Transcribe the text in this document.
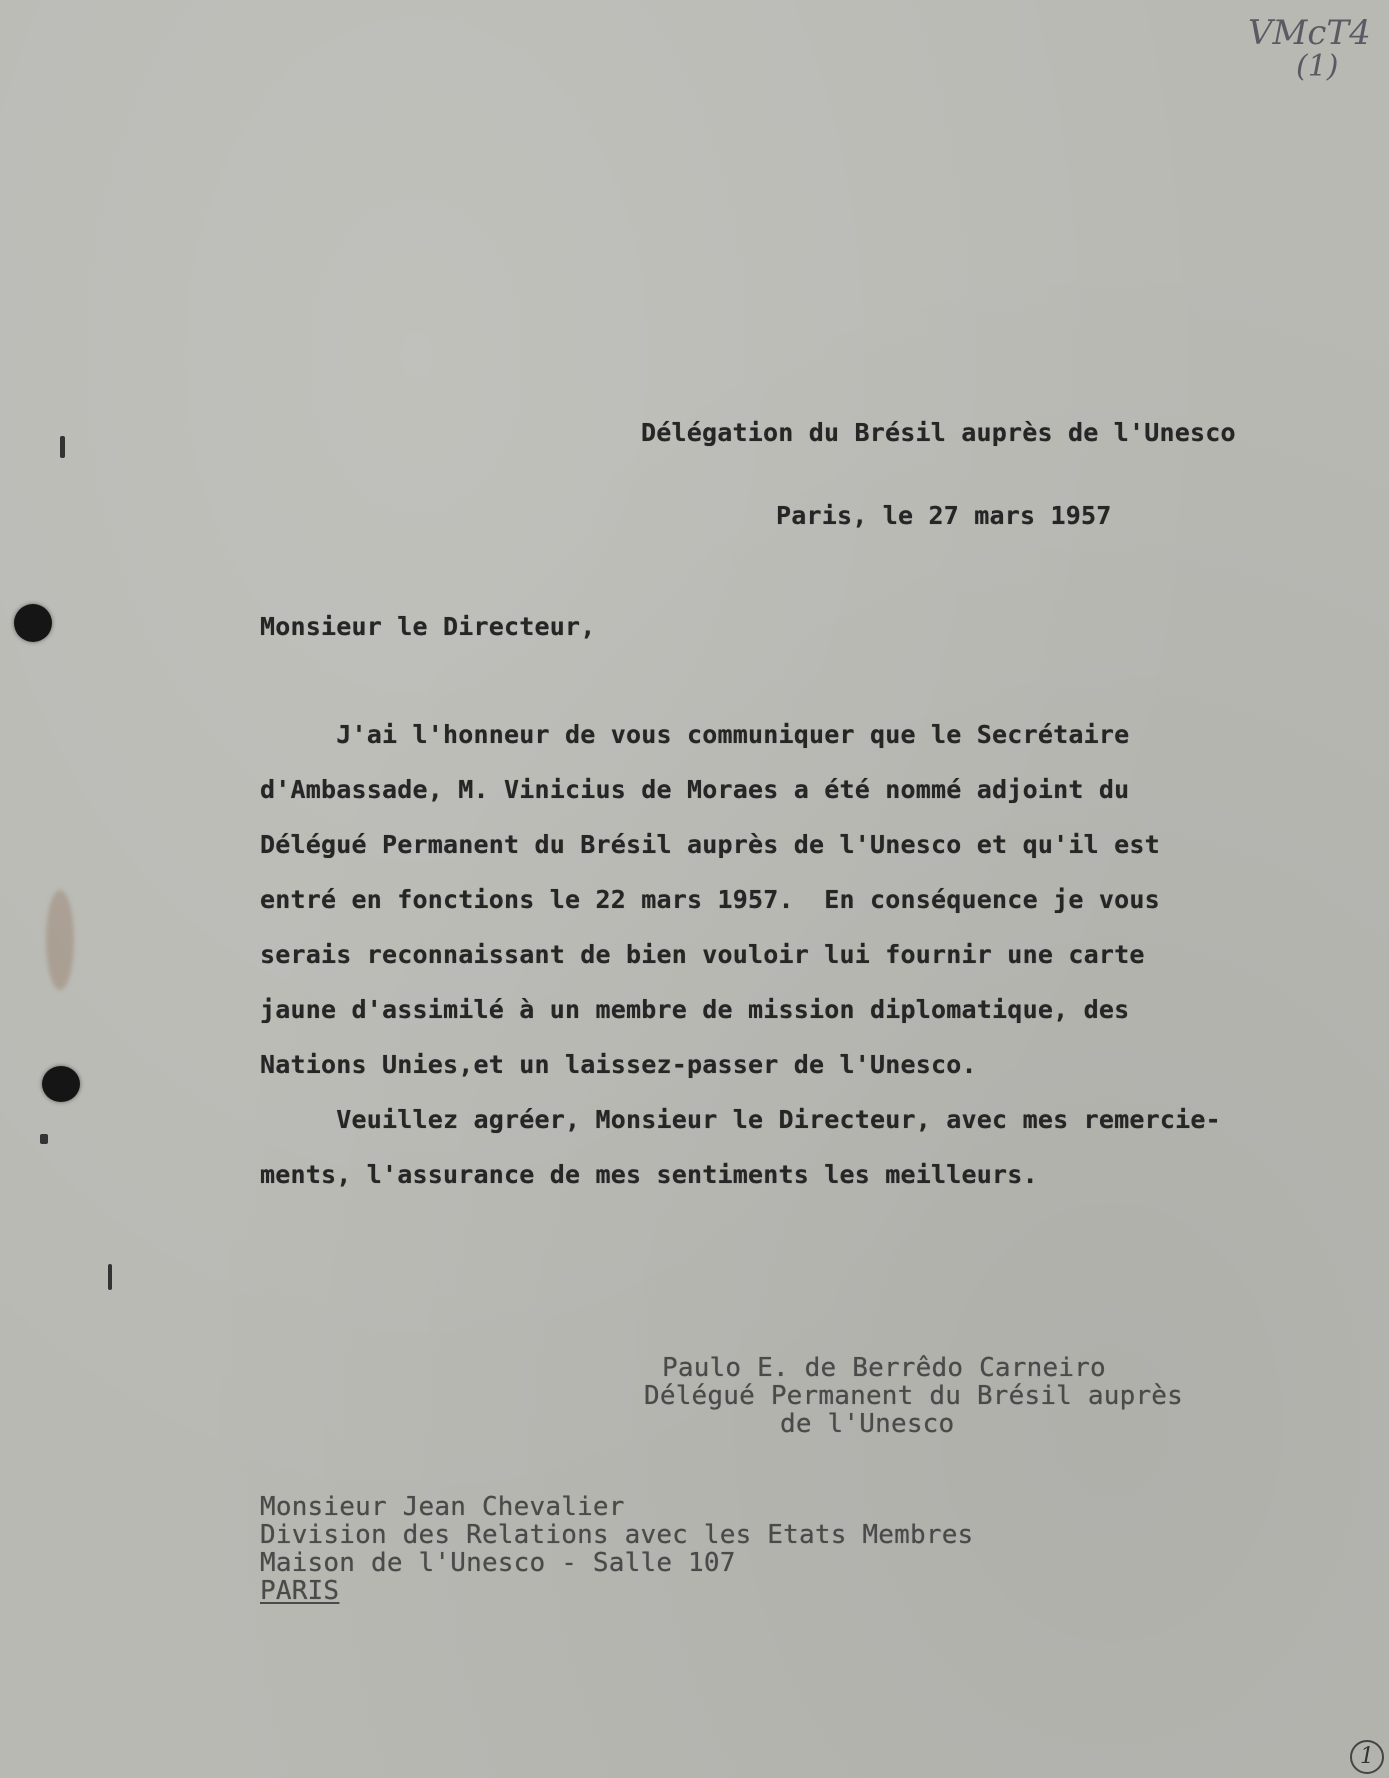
VMcT4
(1)
Délégation du Brésil auprès de l'Unesco
Paris, le 27 mars 1957
Monsieur le Directeur,
J'ai l'honneur de vous communiquer que le Secrétaire
d'Ambassade, M. Vinicius de Moraes a été nommé adjoint du
Délégué Permanent du Brésil auprès de l'Unesco et qu'il est
entré en fonctions le 22 mars 1957.  En conséquence je vous
serais reconnaissant de bien vouloir lui fournir une carte
jaune d'assimilé à un membre de mission diplomatique, des
Nations Unies,et un laissez-passer de l'Unesco.
Veuillez agréer, Monsieur le Directeur, avec mes remercie-
ments, l'assurance de mes sentiments les meilleurs.
Paulo E. de Berrêdo Carneiro
Délégué Permanent du Brésil auprès
de l'Unesco
Monsieur Jean Chevalier
Division des Relations avec les Etats Membres
Maison de l'Unesco - Salle 107
PARIS
1
